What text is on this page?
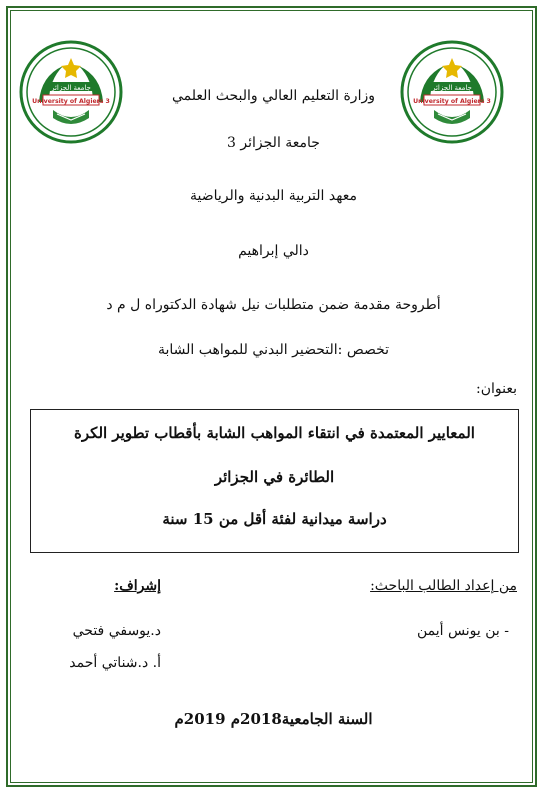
جامعة الجزائر
University of Algiers 3
جامعة الجزائر
University of Algiers 3
وزارة التعليم العالي والبحث العلمي
جامعة الجزائر 3
معهد التربية البدنية والرياضية
دالي إبراهيم
أطروحة مقدمة ضمن متطلبات نيل شهادة الدكتوراه ل م د
تخصص :التحضير البدني للمواهب الشابة
بعنوان:
المعايير المعتمدة في انتقاء المواهب الشابة بأقطاب تطوير الكرة
الطائرة في الجزائر
دراسة ميدانية لفئة أقل من 15 سنة
من إعداد الطالب الباحث:
- بن يونس أيمن
إشراف:
د.يوسفي فتحي
أ. د.شناتي أحمد
السنة الجامعية2018م 2019م
